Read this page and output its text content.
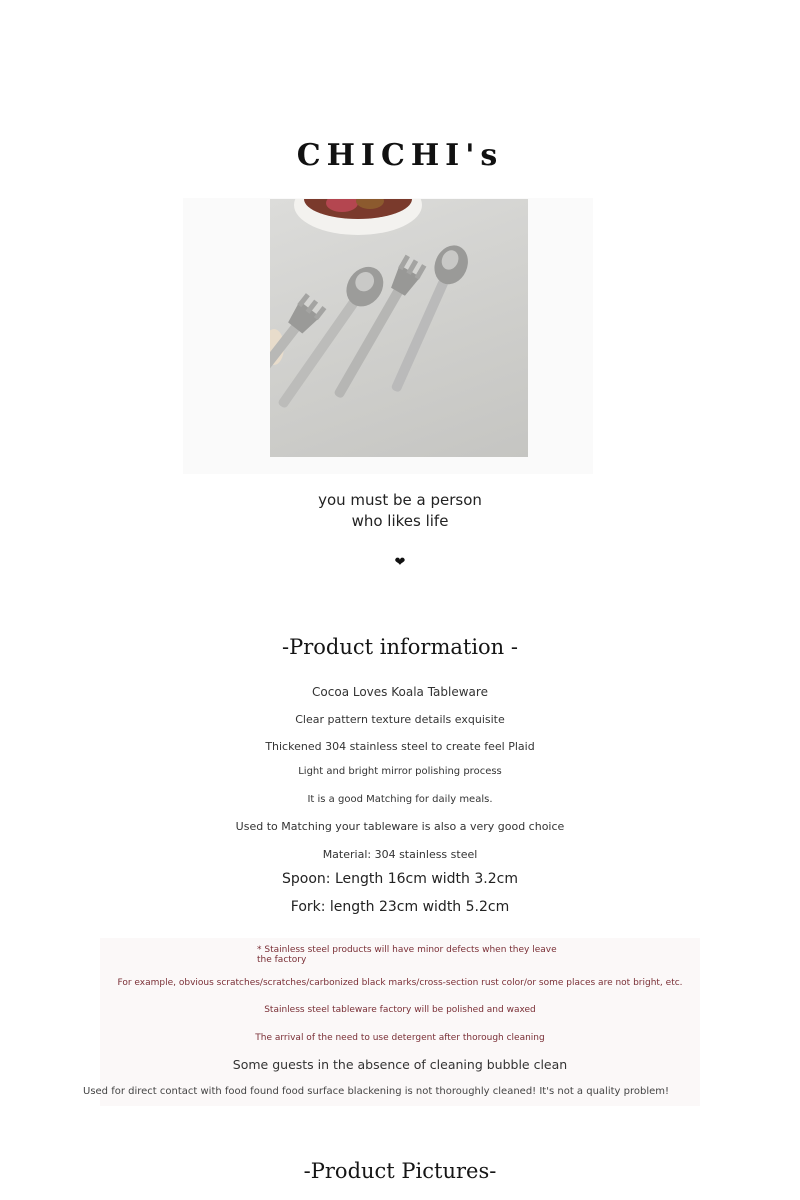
CHICHI's
you must be a person
who likes life
❤
-Product information -
Cocoa Loves Koala Tableware
Clear pattern texture details exquisite
Thickened 304 stainless steel to create feel Plaid
Light and bright mirror polishing process
It is a good Matching for daily meals.
Used to Matching your tableware is also a very good choice
Material: 304 stainless steel
Spoon: Length 16cm width 3.2cm
Fork: length 23cm width 5.2cm
* Stainless steel products will have minor defects when they leave
the factory
For example, obvious scratches/scratches/carbonized black marks/cross-section rust color/or some places are not bright, etc.
Stainless steel tableware factory will be polished and waxed
The arrival of the need to use detergent after thorough cleaning
Some guests in the absence of cleaning bubble clean
Used for direct contact with food found food surface blackening is not thoroughly cleaned! It's not a quality problem!
-Product Pictures-
